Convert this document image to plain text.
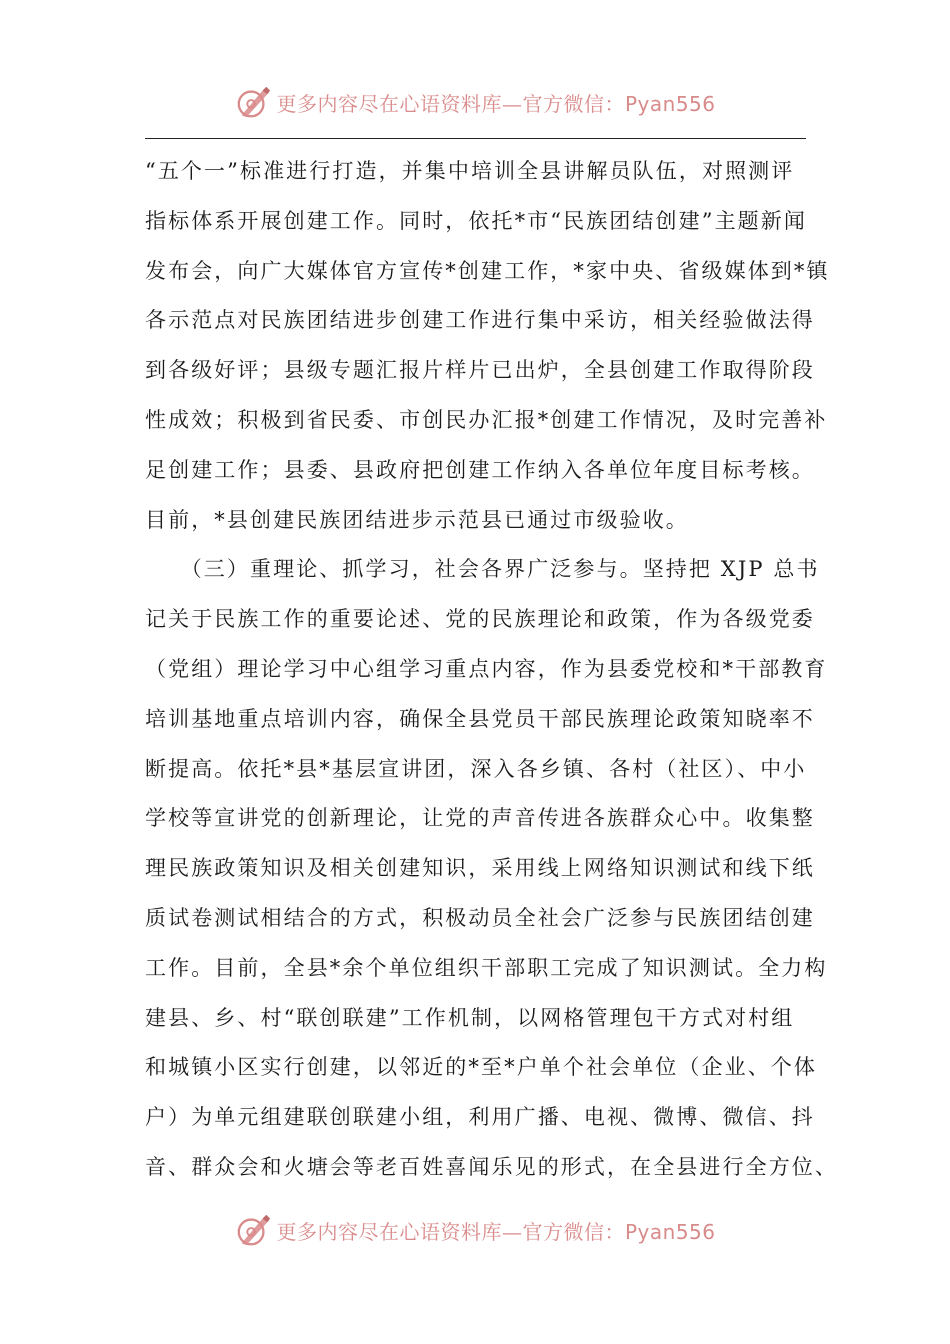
更多内容尽在心语资料库—官方微信：Pyan556
“五个一”标准进行打造，并集中培训全县讲解员队伍，对照测评
指标体系开展创建工作。同时，依托*市“民族团结创建”主题新闻
发布会，向广大媒体官方宣传*创建工作，*家中央、省级媒体到*镇
各示范点对民族团结进步创建工作进行集中采访，相关经验做法得
到各级好评；县级专题汇报片样片已出炉，全县创建工作取得阶段
性成效；积极到省民委、市创民办汇报*创建工作情况，及时完善补
足创建工作；县委、县政府把创建工作纳入各单位年度目标考核。
目前，*县创建民族团结进步示范县已通过市级验收。
　　（三）重理论、抓学习，社会各界广泛参与。坚持把 XJP 总书
记关于民族工作的重要论述、党的民族理论和政策，作为各级党委
（党组）理论学习中心组学习重点内容，作为县委党校和*干部教育
培训基地重点培训内容，确保全县党员干部民族理论政策知晓率不
断提高。依托*县*基层宣讲团，深入各乡镇、各村（社区）、中小
学校等宣讲党的创新理论，让党的声音传进各族群众心中。收集整
理民族政策知识及相关创建知识，采用线上网络知识测试和线下纸
质试卷测试相结合的方式，积极动员全社会广泛参与民族团结创建
工作。目前，全县*余个单位组织干部职工完成了知识测试。全力构
建县、乡、村“联创联建”工作机制，以网格管理包干方式对村组
和城镇小区实行创建，以邻近的*至*户单个社会单位（企业、个体
户）为单元组建联创联建小组，利用广播、电视、微博、微信、抖
音、群众会和火塘会等老百姓喜闻乐见的形式，在全县进行全方位、
更多内容尽在心语资料库—官方微信：Pyan556
